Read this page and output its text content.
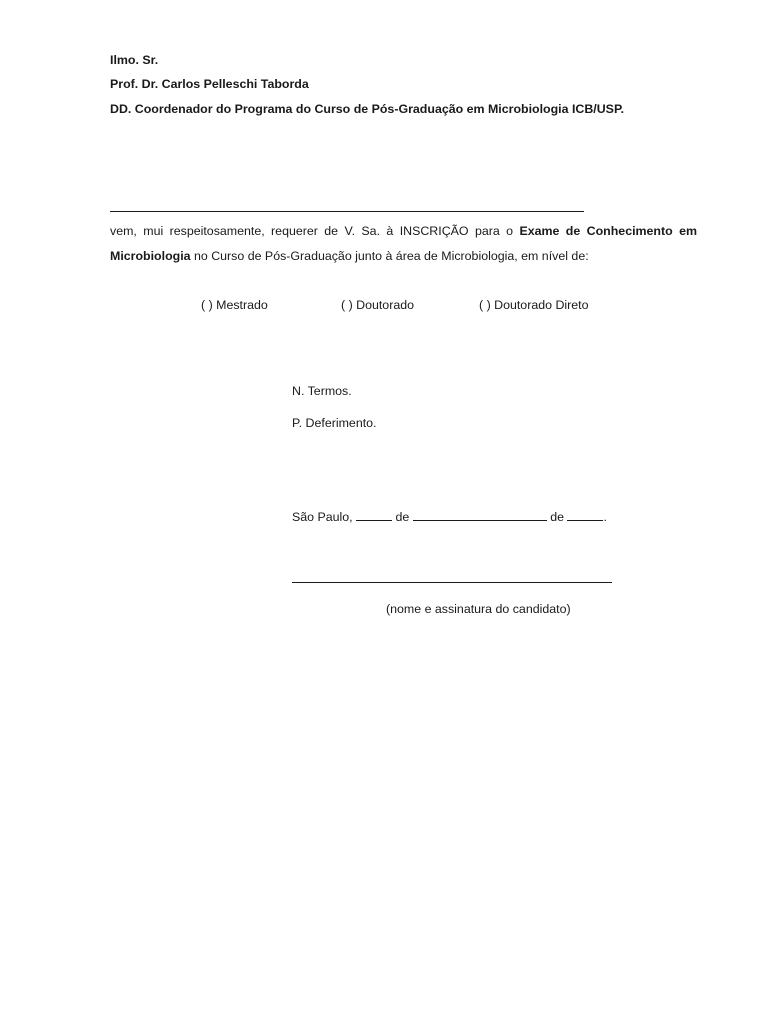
Ilmo. Sr.
Prof. Dr. Carlos Pelleschi Taborda
DD. Coordenador do Programa do Curso de Pós-Graduação em Microbiologia ICB/USP.
vem, mui respeitosamente, requerer de V. Sa. à INSCRIÇÃO para o Exame de Conhecimento em
Microbiologia no Curso de Pós-Graduação junto à área de Microbiologia, em nível de:
( ) Mestrado	( ) Doutorado	( ) Doutorado Direto
N. Termos.
P. Deferimento.
São Paulo,	de	de	.
(nome e assinatura do candidato)
